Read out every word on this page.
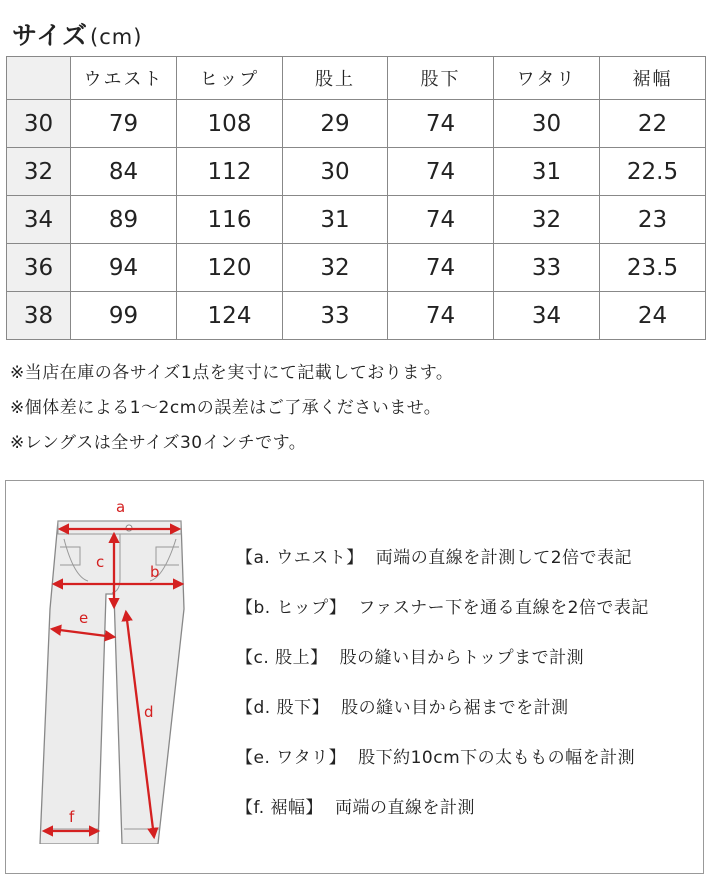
サイズ(cm)
	ウエスト	ヒップ	股上	股下	ワタリ	裾幅
30	79	108	29	74	30	22
32	84	112	30	74	31	22.5
34	89	116	31	74	32	23
36	94	120	32	74	33	23.5
38	99	124	33	74	34	24
※当店在庫の各サイズ1点を実寸にて記載しております。
※個体差による1〜2cmの誤差はご了承くださいませ。
※レングスは全サイズ30インチです。
a
c
b
e
d
f
【a. ウエスト】 両端の直線を計測して2倍で表記
【b. ヒップ】 ファスナー下を通る直線を2倍で表記
【c. 股上】 股の縫い目からトップまで計測
【d. 股下】 股の縫い目から裾までを計測
【e. ワタリ】 股下約10cm下の太ももの幅を計測
【f. 裾幅】 両端の直線を計測
